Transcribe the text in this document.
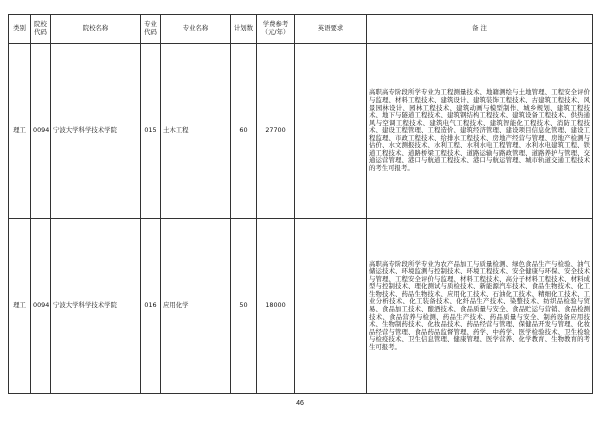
类别	院校代码	院校名称	专业代码	专业名称	计划数	学费参考（元/年）	英语要求	备 注
理工	0094	宁波大学科学技术学院	015	土木工程	60	27700		高职高专阶段所学专业为工程测量技术、地籍测绘与土地管理、工程安全评价与监理、材料工程技术、建筑设计、建筑装饰工程技术、古建筑工程技术、风景园林设计、园林工程技术、建筑动画与模型制作、城乡规划、建筑工程技术、地下与隧道工程技术、建筑钢结构工程技术、建筑设备工程技术、供热通风与空调工程技术、建筑电气工程技术、建筑智能化工程技术、消防工程技术、建设工程管理、工程造价、建筑经济管理、建设项目信息化管理、建设工程监理、市政工程技术、给排水工程技术、房地产经营与管理、房地产检测与估价、水文测报技术、水利工程、水利水电工程管理、水利水电建筑工程、铁道工程技术、道路桥梁工程技术、道路运输与路政管理、道路养护与管理、交通运营管理、港口与航道工程技术、港口与航运管理、城市轨道交通工程技术的考生可报考。
理工	0094	宁波大学科学技术学院	016	应用化学	50	18000		高职高专阶段所学专业为农产品加工与质量检测、绿色食品生产与检验、油气储运技术、环境监测与控制技术、环境工程技术、安全健康与环保、安全技术与管理、工程安全评价与监理、材料工程技术、高分子材料工程技术、材料成型与控制技术、理化测试与质检技术、新能源汽车技术、食品生物技术、化工生物技术、药品生物技术、应用化工技术、石油化工技术、精细化工技术、工业分析技术、化工装备技术、化纤品生产技术、染整技术、纺织品检验与贸易、食品加工技术、酿酒技术、食品质量与安全、食品贮运与营销、食品检测技术、食品营养与检测、药品生产技术、药品质量与安全、制药设备应用技术、生物制药技术、化妆品技术、药品经营与管理、保健品开发与管理、化妆品经营与管理、食品药品监督管理、药学、中药学、医学检验技术、卫生检验与检疫技术、卫生信息管理、健康管理、医学营养、化学教育、生物教育的考生可报考。
46
